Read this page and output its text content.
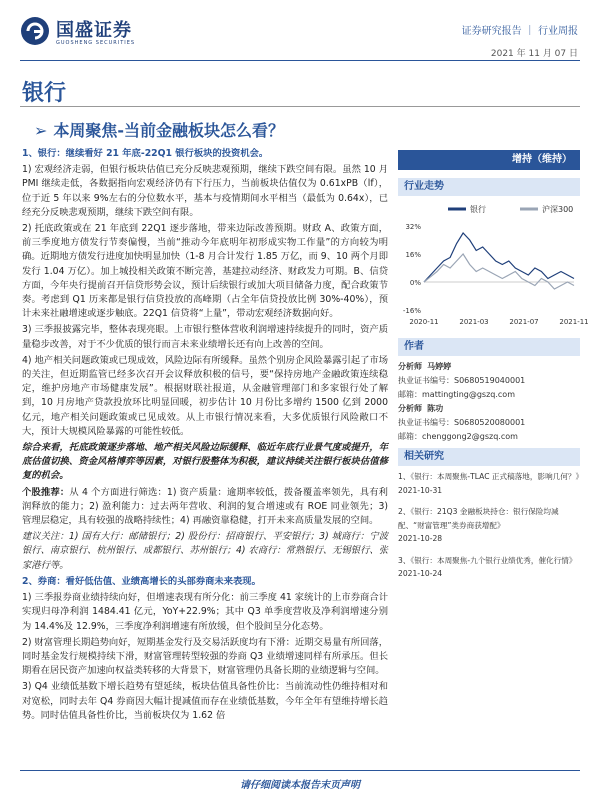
国盛证券
GUOSHENG SECURITIES
证券研究报告 ｜ 行业周报
2021 年 11 月 07 日
银行
➢ 本周聚焦-当前金融板块怎么看？

1、银行：继续看好 21 年底-22Q1 银行板块的投资机会。

1) 宏观经济走弱，但银行板块估值已充分反映悲观预期，继续下跌空间有限。虽然 10 月 PMI 继续走低，各数据指向宏观经济仍有下行压力，当前板块估值仅为 0.61xPB（lf），位于近 5 年以来 9%左右的分位数水平，基本与疫情期间水平相当（最低为 0.64x），已经充分反映悲观预期，继续下跌空间有限。

2) 托底政策或在 21 年底到 22Q1 逐步落地，带来边际改善预期。财政 A、政策方面，前三季度地方债发行节奏偏慢，当前“推动今年底明年初形成实物工作量”的方向较为明确。近期地方债发行进度加快明显加快（1-8 月合计发行 1.85 万亿，而 9、10 两个月即发行 1.04 万亿）。加上城投相关政策不断完善，基建拉动经济、财政发力可期。B、信贷方面，今年央行提前召开信贷形势会议，预计后续银行或加大项目储备力度，配合政策节奏。考虑到 Q1 历来都是银行信贷投放的高峰期（占全年信贷投放比例 30%-40%），预计未来社融增速或逐步触底。22Q1 信贷将“上量”，带动宏观经济数据向好。

3) 三季报披露完毕，整体表现亮眼。上市银行整体营收利润增速持续提升的同时，资产质量稳步改善，对于不少优质的银行而言未来业绩增长还有向上改善的空间。

4) 地产相关问题政策或已现成效，风险边际有所缓释。虽然个别房企风险暴露引起了市场的关注，但近期监管已经多次召开会议释放积极的信号，要“保持房地产金融政策连续稳定，维护房地产市场健康发展”。根据财联社报道，从金融管理部门和多家银行处了解到，10 月房地产贷款投放环比明显回暖，初步估计 10 月份比多增约 1500 亿到 2000 亿元，地产相关问题政策或已见成效。从上市银行情况来看，大多优质银行风险敞口不大，预计大规模风险暴露的可能性较低。

综合来看，托底政策逐步落地、地产相关风险边际缓释、临近年底行业景气度或提升，年底估值切换、资金风格博弈等因素，对银行股整体为积极，建议持续关注银行板块估值修复的机会。

个股推荐：从 4 个方面进行筛选：1) 资产质量：逾期率较低，拨备覆盖率领先，具有利润释放的能力；2) 盈利能力：过去两年营收、利润的复合增速或有 ROE 同业领先；3) 管理层稳定，具有较强的战略持续性；4) 再融资靠稳健，打开未来高质量发展的空间。

建议关注：1) 国有大行：邮储银行；2) 股份行：招商银行、平安银行；3) 城商行：宁波银行、南京银行、杭州银行、成都银行、苏州银行；4) 农商行：常熟银行、无锡银行、张家港行等。

2、券商：看好低估值、业绩高增长的头部券商未来表现。

1) 三季报券商业绩持续向好，但增速表现有所分化：前三季度 41 家统计的上市券商合计实现归母净利润 1484.41 亿元，YoY+22.9%；其中 Q3 单季度营收及净利润增速分别为 14.4%及 12.9%，三季度净利润增速有所放缓，但个股间呈分化态势。

2) 财富管理长期趋势向好，短期基金发行及交易活跃度均有下滑：近期交易量有所回落，同时基金发行规模持续下滑，财富管理转型较强的券商 Q3 业绩增速同样有所承压。但长期看在居民资产加速向权益类转移的大背景下，财富管理仍具备长期的业绩逻辑与空间。

3) Q4 业绩低基数下增长趋势有望延续，板块估值具备性价比：当前流动性仍维持相对和对宽松，同时去年 Q4 券商因大幅计提减值而存在业绩低基数，今年全年有望维持增长趋势。同时估值具备性价比，当前板块仅为 1.62 倍

增持（维持）
行业走势
银行	沪深300
32%
16%
0%
-16%
2020-11	2021-03	2021-07	2021-11
作者
分析师 马婷婷
执业证书编号：S0680519040001
邮箱：mattingting@gszq.com
分析师 陈功
执业证书编号：S0680520080001
邮箱：chenggong2@gszq.com
相关研究
1、《银行：本周聚焦-TLAC 正式稿落地，影响几何？》
2021-10-31
2、《银行：21Q3 金融板块持仓：银行保险均减配、“财富管理”类券商获增配》
2021-10-28
3、《银行：本周聚焦-九个银行业绩优秀，催化行情》
2021-10-24
请仔细阅读本报告末页声明
